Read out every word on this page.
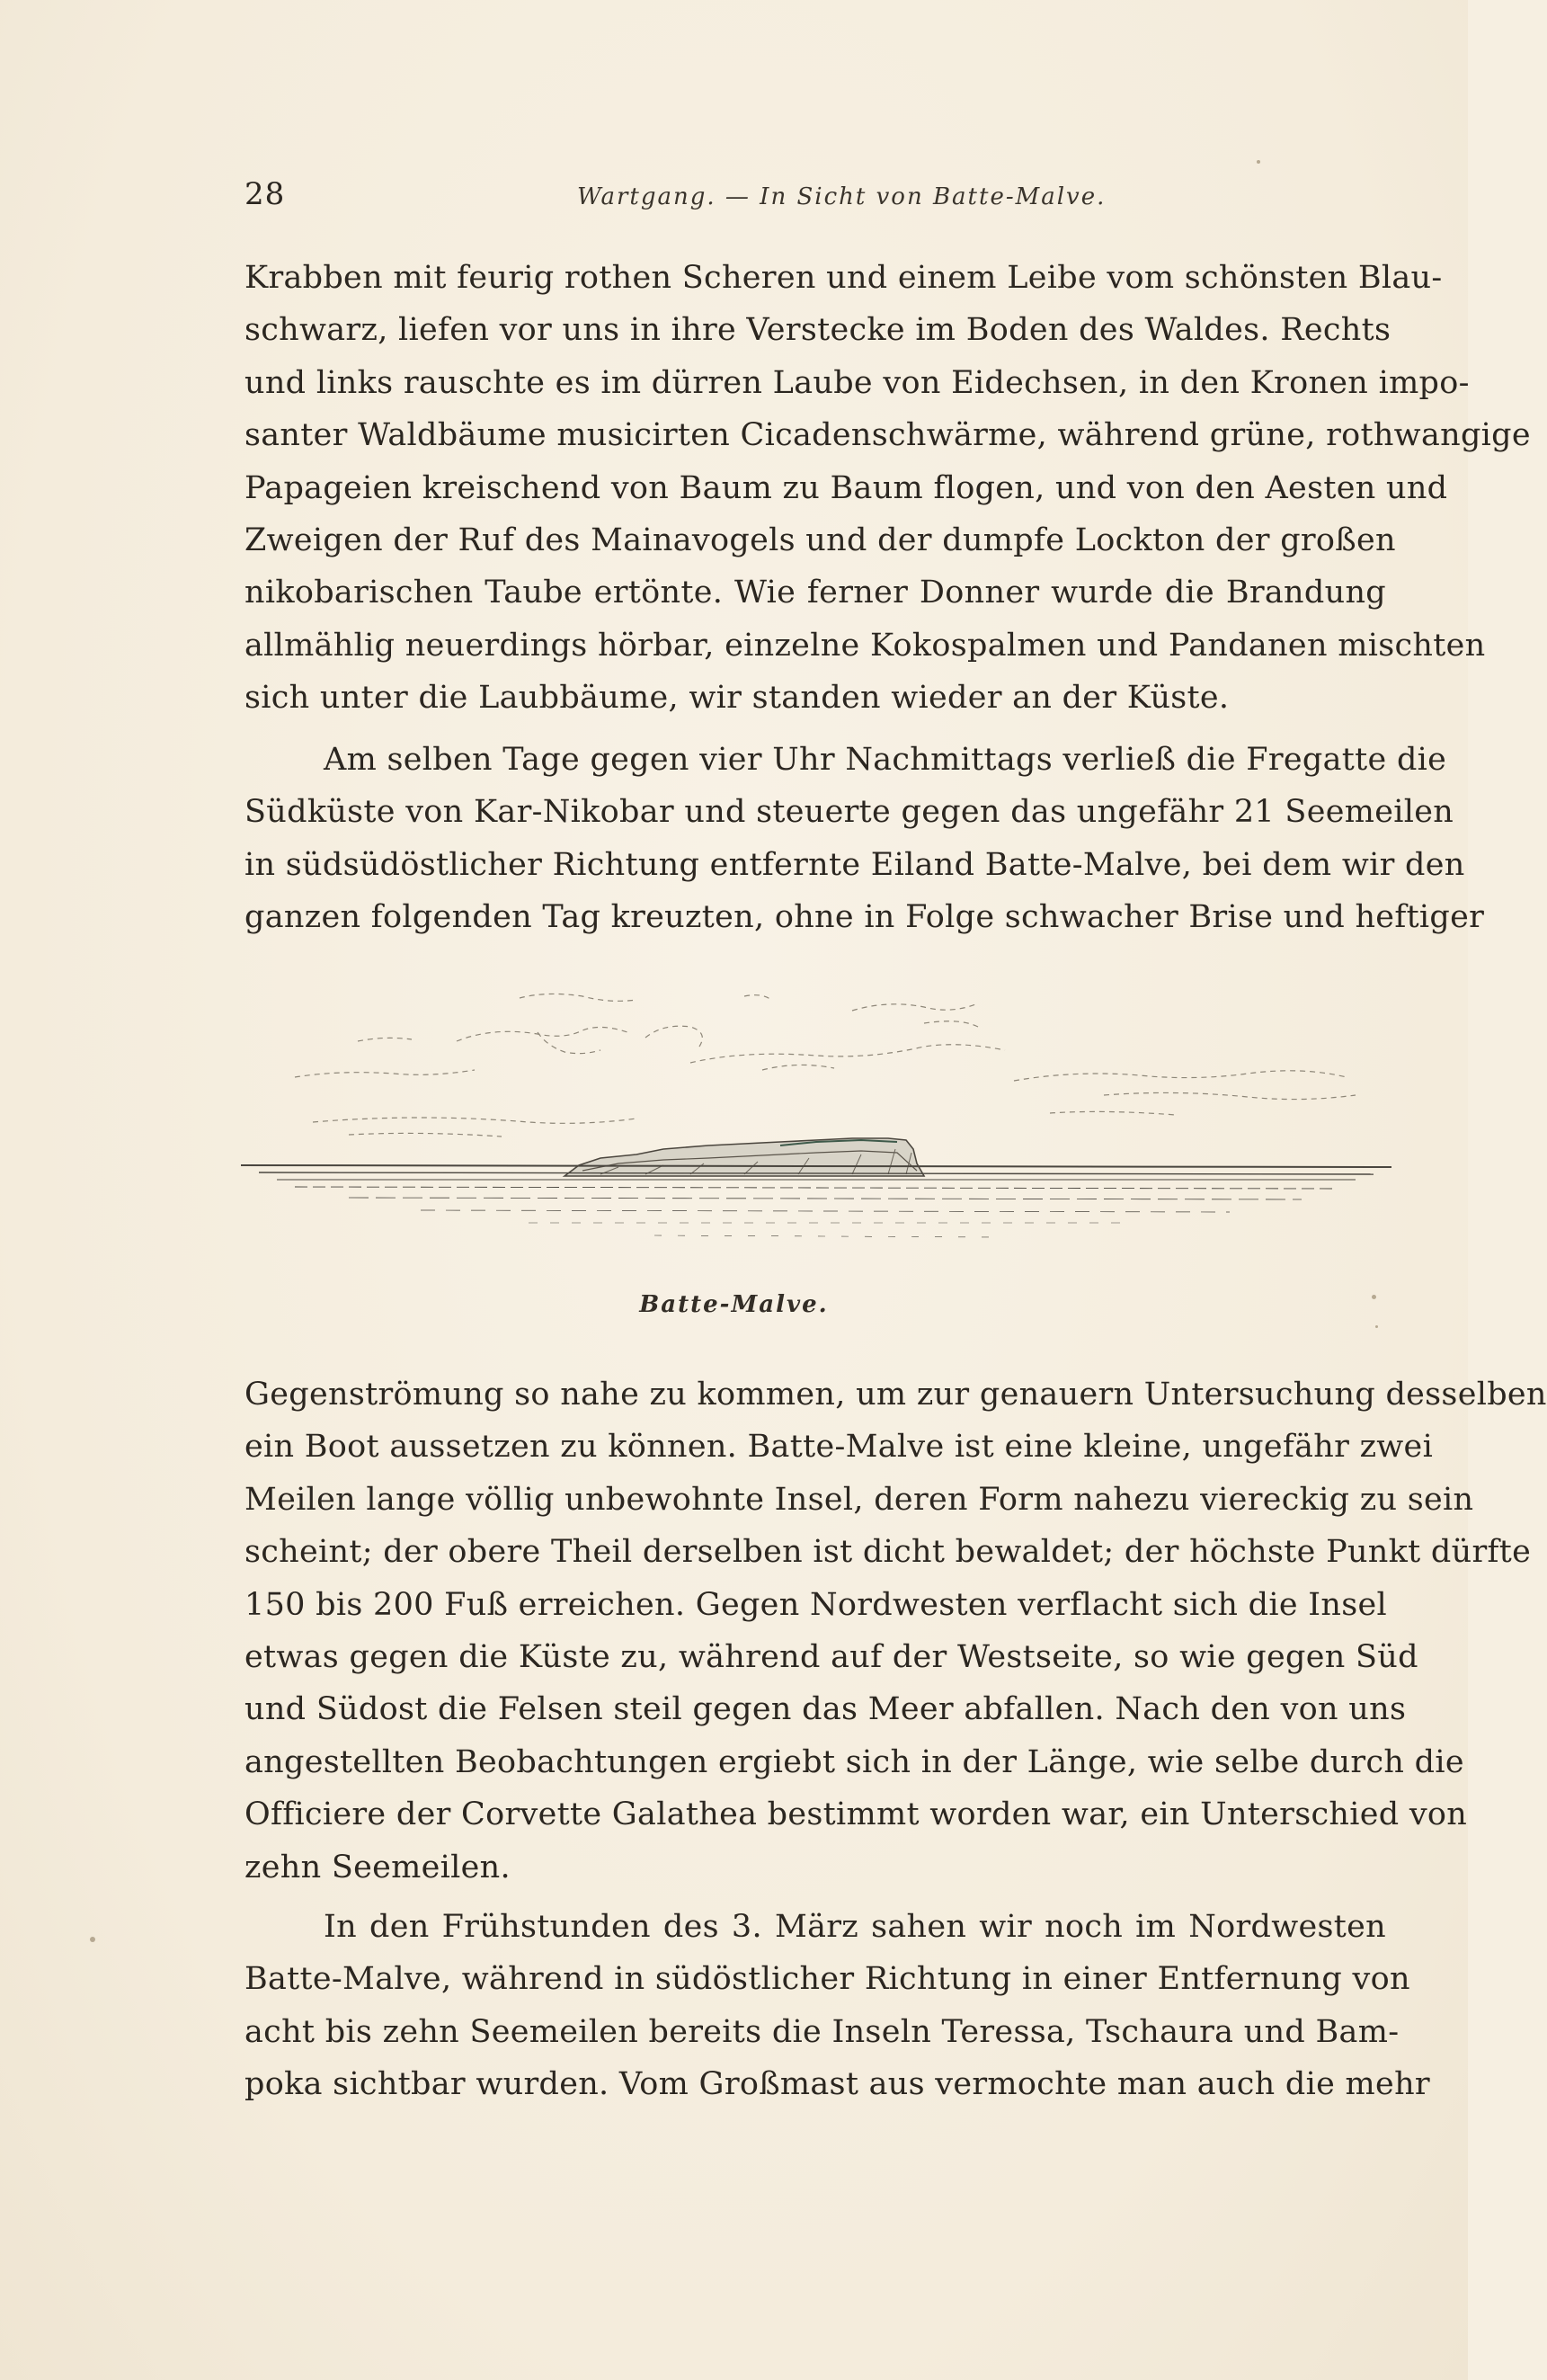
28	Wartgang. — In Sicht von Batte-Malve.
Krabben mit feurig rothen Scheren und einem Leibe vom schönsten Blau-
schwarz, liefen vor uns in ihre Verstecke im Boden des Waldes. Rechts
und links rauschte es im dürren Laube von Eidechsen, in den Kronen impo-
santer Waldbäume musicirten Cicadenschwärme, während grüne, rothwangige
Papageien kreischend von Baum zu Baum flogen, und von den Aesten und
Zweigen der Ruf des Mainavogels und der dumpfe Lockton der großen
nikobarischen Taube ertönte. Wie ferner Donner wurde die Brandung
allmählig neuerdings hörbar, einzelne Kokospalmen und Pandanen mischten
sich unter die Laubbäume, wir standen wieder an der Küste.
Am selben Tage gegen vier Uhr Nachmittags verließ die Fregatte die
Südküste von Kar-Nikobar und steuerte gegen das ungefähr 21 Seemeilen
in südsüdöstlicher Richtung entfernte Eiland Batte-Malve, bei dem wir den
ganzen folgenden Tag kreuzten, ohne in Folge schwacher Brise und heftiger
Batte-Malve.
Gegenströmung so nahe zu kommen, um zur genauern Untersuchung desselben
ein Boot aussetzen zu können. Batte-Malve ist eine kleine, ungefähr zwei
Meilen lange völlig unbewohnte Insel, deren Form nahezu viereckig zu sein
scheint; der obere Theil derselben ist dicht bewaldet; der höchste Punkt dürfte
150 bis 200 Fuß erreichen. Gegen Nordwesten verflacht sich die Insel
etwas gegen die Küste zu, während auf der Westseite, so wie gegen Süd
und Südost die Felsen steil gegen das Meer abfallen. Nach den von uns
angestellten Beobachtungen ergiebt sich in der Länge, wie selbe durch die
Officiere der Corvette Galathea bestimmt worden war, ein Unterschied von
zehn Seemeilen.
In den Frühstunden des 3. März sahen wir noch im Nordwesten
Batte-Malve, während in südöstlicher Richtung in einer Entfernung von
acht bis zehn Seemeilen bereits die Inseln Teressa, Tschaura und Bam-
poka sichtbar wurden. Vom Großmast aus vermochte man auch die mehr
